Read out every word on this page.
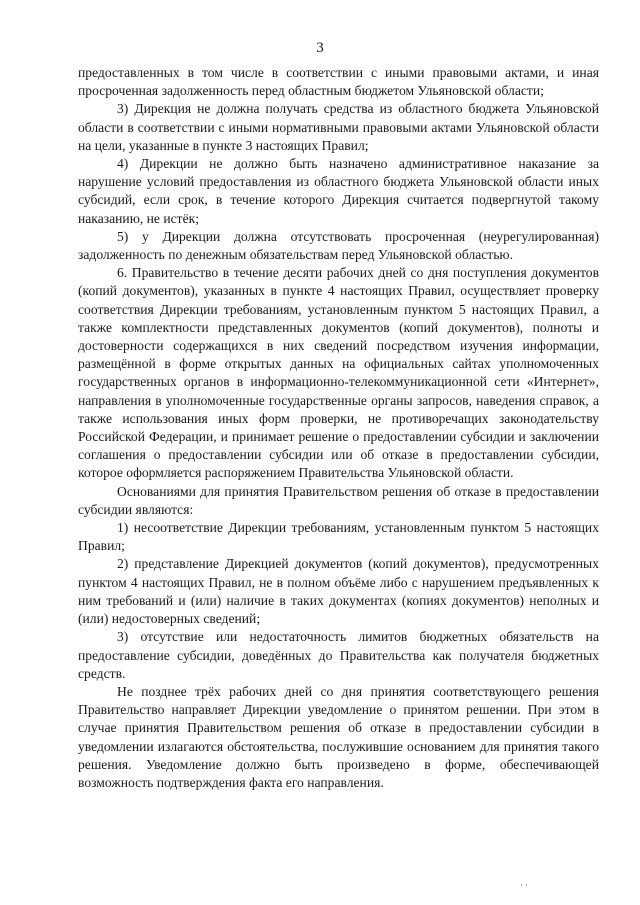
3

предоставленных в том числе в соответствии с иными правовыми актами, и иная просроченная задолженность перед областным бюджетом Ульяновской области;

3) Дирекция не должна получать средства из областного бюджета Ульяновской области в соответствии с иными нормативными правовыми актами Ульяновской области на цели, указанные в пункте 3 настоящих Правил;

4) Дирекции не должно быть назначено административное наказание за нарушение условий предоставления из областного бюджета Ульяновской области иных субсидий, если срок, в течение которого Дирекция считается подвергнутой такому наказанию, не истёк;

5) у Дирекции должна отсутствовать просроченная (неурегулированная) задолженность по денежным обязательствам перед Ульяновской областью.

6. Правительство в течение десяти рабочих дней со дня поступления документов (копий документов), указанных в пункте 4 настоящих Правил, осуществляет проверку соответствия Дирекции требованиям, установленным пунктом 5 настоящих Правил, а также комплектности представленных документов (копий документов), полноты и достоверности содержащихся в них сведений посредством изучения информации, размещённой в форме открытых данных на официальных сайтах уполномоченных государственных органов в информационно-телекоммуникационной сети «Интернет», направления в уполномоченные государственные органы запросов, наведения справок, а также использования иных форм проверки, не противоречащих законодательству Российской Федерации, и принимает решение о предоставлении субсидии и заключении соглашения о предоставлении субсидии или об отказе в предоставлении субсидии, которое оформляется распоряжением Правительства Ульяновской области.

Основаниями для принятия Правительством решения об отказе в предоставлении субсидии являются:

1) несоответствие Дирекции требованиям, установленным пунктом 5 настоящих Правил;

2) представление Дирекцией документов (копий документов), предусмотренных пунктом 4 настоящих Правил, не в полном объёме либо с нарушением предъявленных к ним требований и (или) наличие в таких документах (копиях документов) неполных и (или) недостоверных сведений;

3) отсутствие или недостаточность лимитов бюджетных обязательств на предоставление субсидии, доведённых до Правительства как получателя бюджетных средств.

Не позднее трёх рабочих дней со дня принятия соответствующего решения Правительство направляет Дирекции уведомление о принятом решении. При этом в случае принятия Правительством решения об отказе в предоставлении субсидии в уведомлении излагаются обстоятельства, послужившие основанием для принятия такого решения. Уведомление должно быть произведено в форме, обеспечивающей возможность подтверждения факта его направления.

· ·
